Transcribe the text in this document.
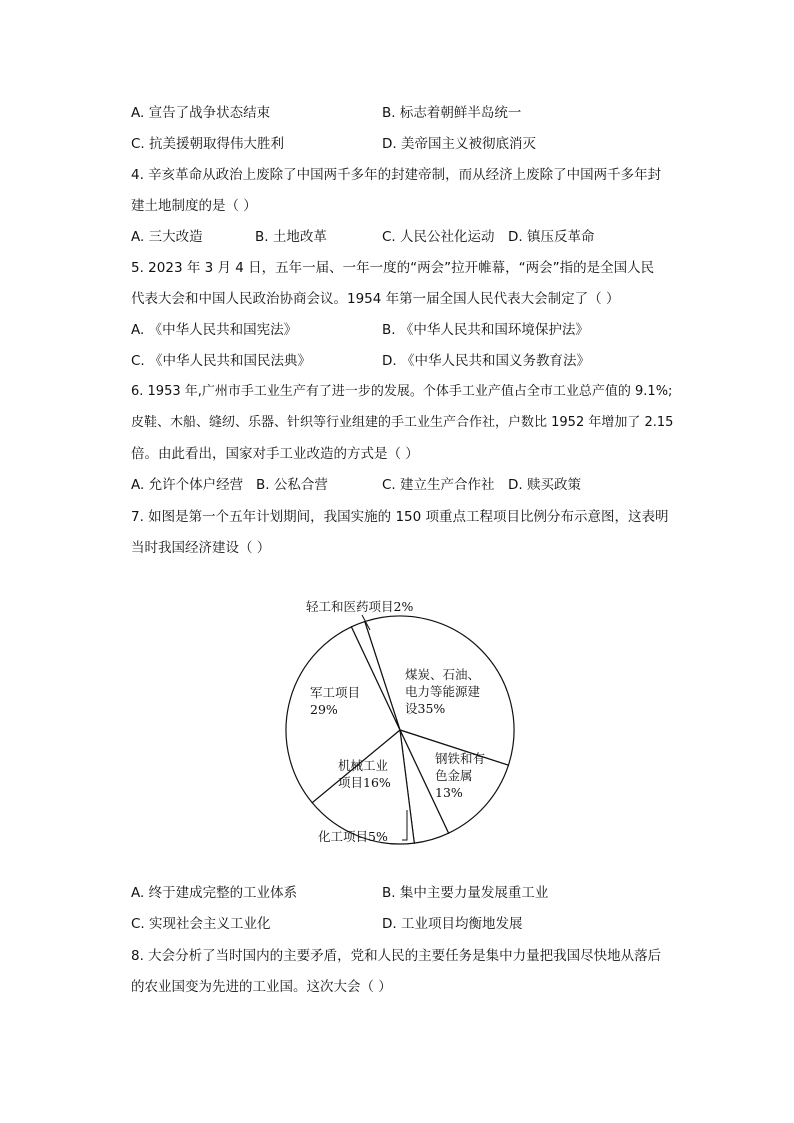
A. 宣告了战争状态结束	B. 标志着朝鲜半岛统一
C. 抗美援朝取得伟大胜利	D. 美帝国主义被彻底消灭
4. 辛亥革命从政治上废除了中国两千多年的封建帝制，而从经济上废除了中国两千多年封
建土地制度的是（ ）
A. 三大改造	B. 土地改革	C. 人民公社化运动 D. 镇压反革命
5. 2023 年 3 月 4 日，五年一届、一年一度的“两会”拉开帷幕，“两会”指的是全国人民
代表大会和中国人民政治协商会议。1954 年第一届全国人民代表大会制定了（ ）
A. 《中华人民共和国宪法》	B. 《中华人民共和国环境保护法》
C. 《中华人民共和国民法典》	D. 《中华人民共和国义务教育法》
6. 1953 年,广州市手工业生产有了进一步的发展。个体手工业产值占全市工业总产值的 9.1%;
皮鞋、木船、缝纫、乐器、针织等行业组建的手工业生产合作社，户数比 1952 年增加了 2.15
倍。由此看出，国家对手工业改造的方式是（ ）
A. 允许个体户经营 B. 公私合营	C. 建立生产合作社 D. 赎买政策
7. 如图是第一个五年计划期间，我国实施的 150 项重点工程项目比例分布示意图，这表明
当时我国经济建设（ ）
煤炭、石油、电力等能源建设35%
钢铁和有色金属 13%
化工项目5%
机械工业项目16%
军工项目 29%
轻工和医药项目2%
A. 终于建成完整的工业体系	B. 集中主要力量发展重工业
C. 实现社会主义工业化	D. 工业项目均衡地发展
8. 大会分析了当时国内的主要矛盾，党和人民的主要任务是集中力量把我国尽快地从落后
的农业国变为先进的工业国。这次大会（ ）
